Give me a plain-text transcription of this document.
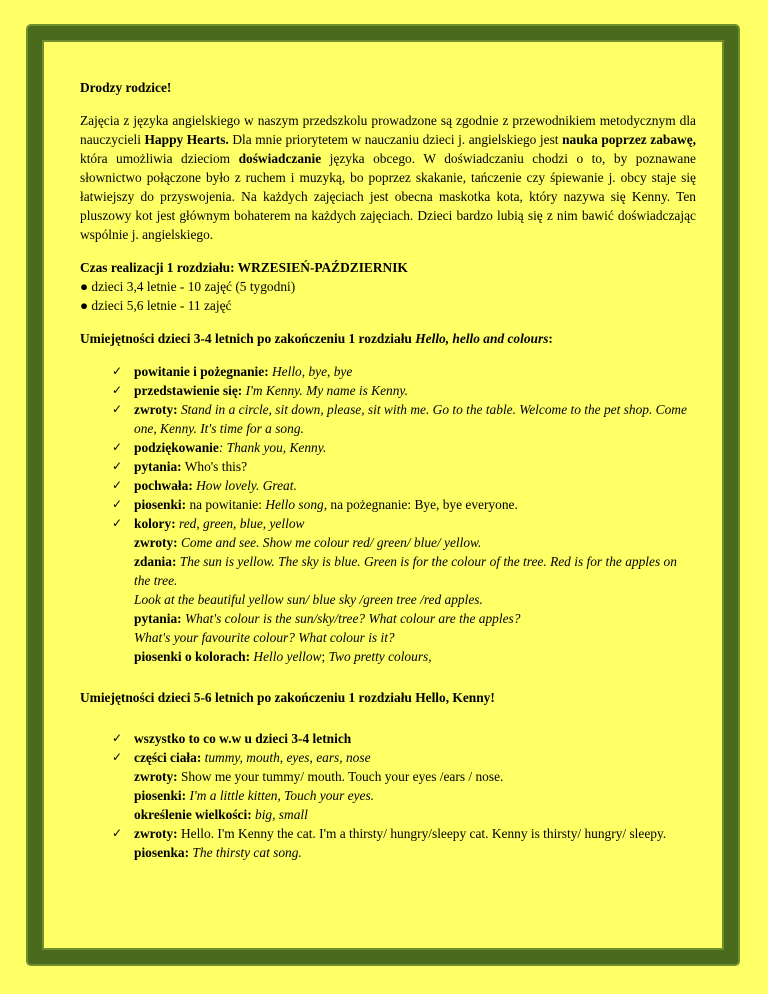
Drodzy rodzice!

Zajęcia z języka angielskiego w naszym przedszkolu prowadzone są zgodnie z przewodnikiem metodycznym dla nauczycieli Happy Hearts. Dla mnie priorytetem w nauczaniu dzieci j. angielskiego jest nauka poprzez zabawę, która umożliwia dzieciom doświadczanie języka obcego. W doświadczaniu chodzi o to, by poznawane słownictwo połączone było z ruchem i muzyką, bo poprzez skakanie, tańczenie czy śpiewanie j. obcy staje się łatwiejszy do przyswojenia. Na każdych zajęciach jest obecna maskotka kota, który nazywa się Kenny. Ten pluszowy kot jest głównym bohaterem na każdych zajęciach. Dzieci bardzo lubią się z nim bawić doświadczając wspólnie j. angielskiego.

Czas realizacji 1 rozdziału: WRZESIEŃ-PAŹDZIERNIK

● dzieci 3,4 letnie - 10 zajęć (5 tygodni)

● dzieci 5,6 letnie - 11 zajęć

Umiejętności dzieci 3-4 letnich po zakończeniu 1 rozdziału Hello, hello and colours:

✓ powitanie i pożegnanie: Hello, bye, bye
✓ przedstawienie się: I'm Kenny. My name is Kenny.
✓ zwroty: Stand in a circle, sit down, please, sit with me. Go to the table. Welcome to the pet shop. Come one, Kenny. It's time for a song.
✓ podziękowanie: Thank you, Kenny.
✓ pytania: Who's this?
✓ pochwała: How lovely. Great.
✓ piosenki: na powitanie: Hello song, na pożegnanie: Bye, bye everyone.
✓ kolory: red, green, blue, yellow

zwroty: Come and see. Show me colour red/ green/ blue/ yellow.

zdania: The sun is yellow. The sky is blue. Green is for the colour of the tree. Red is for the apples on the tree.

Look at the beautiful yellow sun/ blue sky /green tree /red apples.

pytania: What's colour is the sun/sky/tree? What colour are the apples?

What's your favourite colour? What colour is it?

piosenki o kolorach: Hello yellow; Two pretty colours,

Umiejętności dzieci 5-6 letnich po zakończeniu 1 rozdziału Hello, Kenny!

✓ wszystko to co w.w u dzieci 3-4 letnich
✓ części ciała: tummy, mouth, eyes, ears, nose

zwroty: Show me your tummy/ mouth. Touch your eyes /ears / nose.

piosenki: I'm a little kitten, Touch your eyes.

określenie wielkości: big, small

✓ zwroty: Hello. I'm Kenny the cat. I'm a thirsty/ hungry/sleepy cat. Kenny is thirsty/ hungry/ sleepy.

piosenka: The thirsty cat song.
